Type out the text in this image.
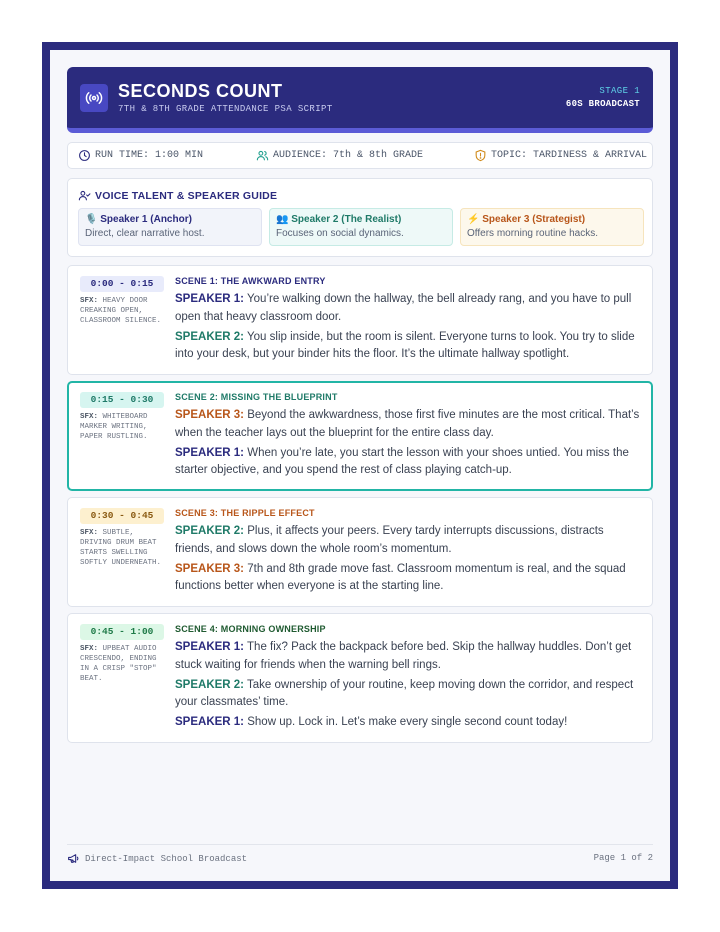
SECONDS COUNT
7TH & 8TH GRADE ATTENDANCE PSA SCRIPT
STAGE 1
60S BROADCAST
RUN TIME: 1:00 MIN	AUDIENCE: 7th & 8th GRADE	TOPIC: TARDINESS & ARRIVAL
VOICE TALENT & SPEAKER GUIDE
🎙️ Speaker 1 (Anchor)
Direct, clear narrative host.
👥 Speaker 2 (The Realist)
Focuses on social dynamics.
⚡ Speaker 3 (Strategist)
Offers morning routine hacks.
0:00 - 0:15
SFX: HEAVY DOOR CREAKING OPEN, CLASSROOM SILENCE.
SCENE 1: THE AWKWARD ENTRY
SPEAKER 1: You’re walking down the hallway, the bell already rang, and you have to pull open that heavy classroom door.
SPEAKER 2: You slip inside, but the room is silent. Everyone turns to look. You try to slide into your desk, but your binder hits the floor. It’s the ultimate hallway spotlight.
0:15 - 0:30
SFX: WHITEBOARD MARKER WRITING, PAPER RUSTLING.
SCENE 2: MISSING THE BLUEPRINT
SPEAKER 3: Beyond the awkwardness, those first five minutes are the most critical. That’s when the teacher lays out the blueprint for the entire class day.
SPEAKER 1: When you’re late, you start the lesson with your shoes untied. You miss the starter objective, and you spend the rest of class playing catch-up.
0:30 - 0:45
SFX: SUBTLE, DRIVING DRUM BEAT STARTS SWELLING SOFTLY UNDERNEATH.
SCENE 3: THE RIPPLE EFFECT
SPEAKER 2: Plus, it affects your peers. Every tardy interrupts discussions, distracts friends, and slows down the whole room’s momentum.
SPEAKER 3: 7th and 8th grade move fast. Classroom momentum is real, and the squad functions better when everyone is at the starting line.
0:45 - 1:00
SFX: UPBEAT AUDIO CRESCENDO, ENDING IN A CRISP "STOP" BEAT.
SCENE 4: MORNING OWNERSHIP
SPEAKER 1: The fix? Pack the backpack before bed. Skip the hallway huddles. Don’t get stuck waiting for friends when the warning bell rings.
SPEAKER 2: Take ownership of your routine, keep moving down the corridor, and respect your classmates’ time.
SPEAKER 1: Show up. Lock in. Let’s make every single second count today!
Direct-Impact School Broadcast	Page 1 of 2
